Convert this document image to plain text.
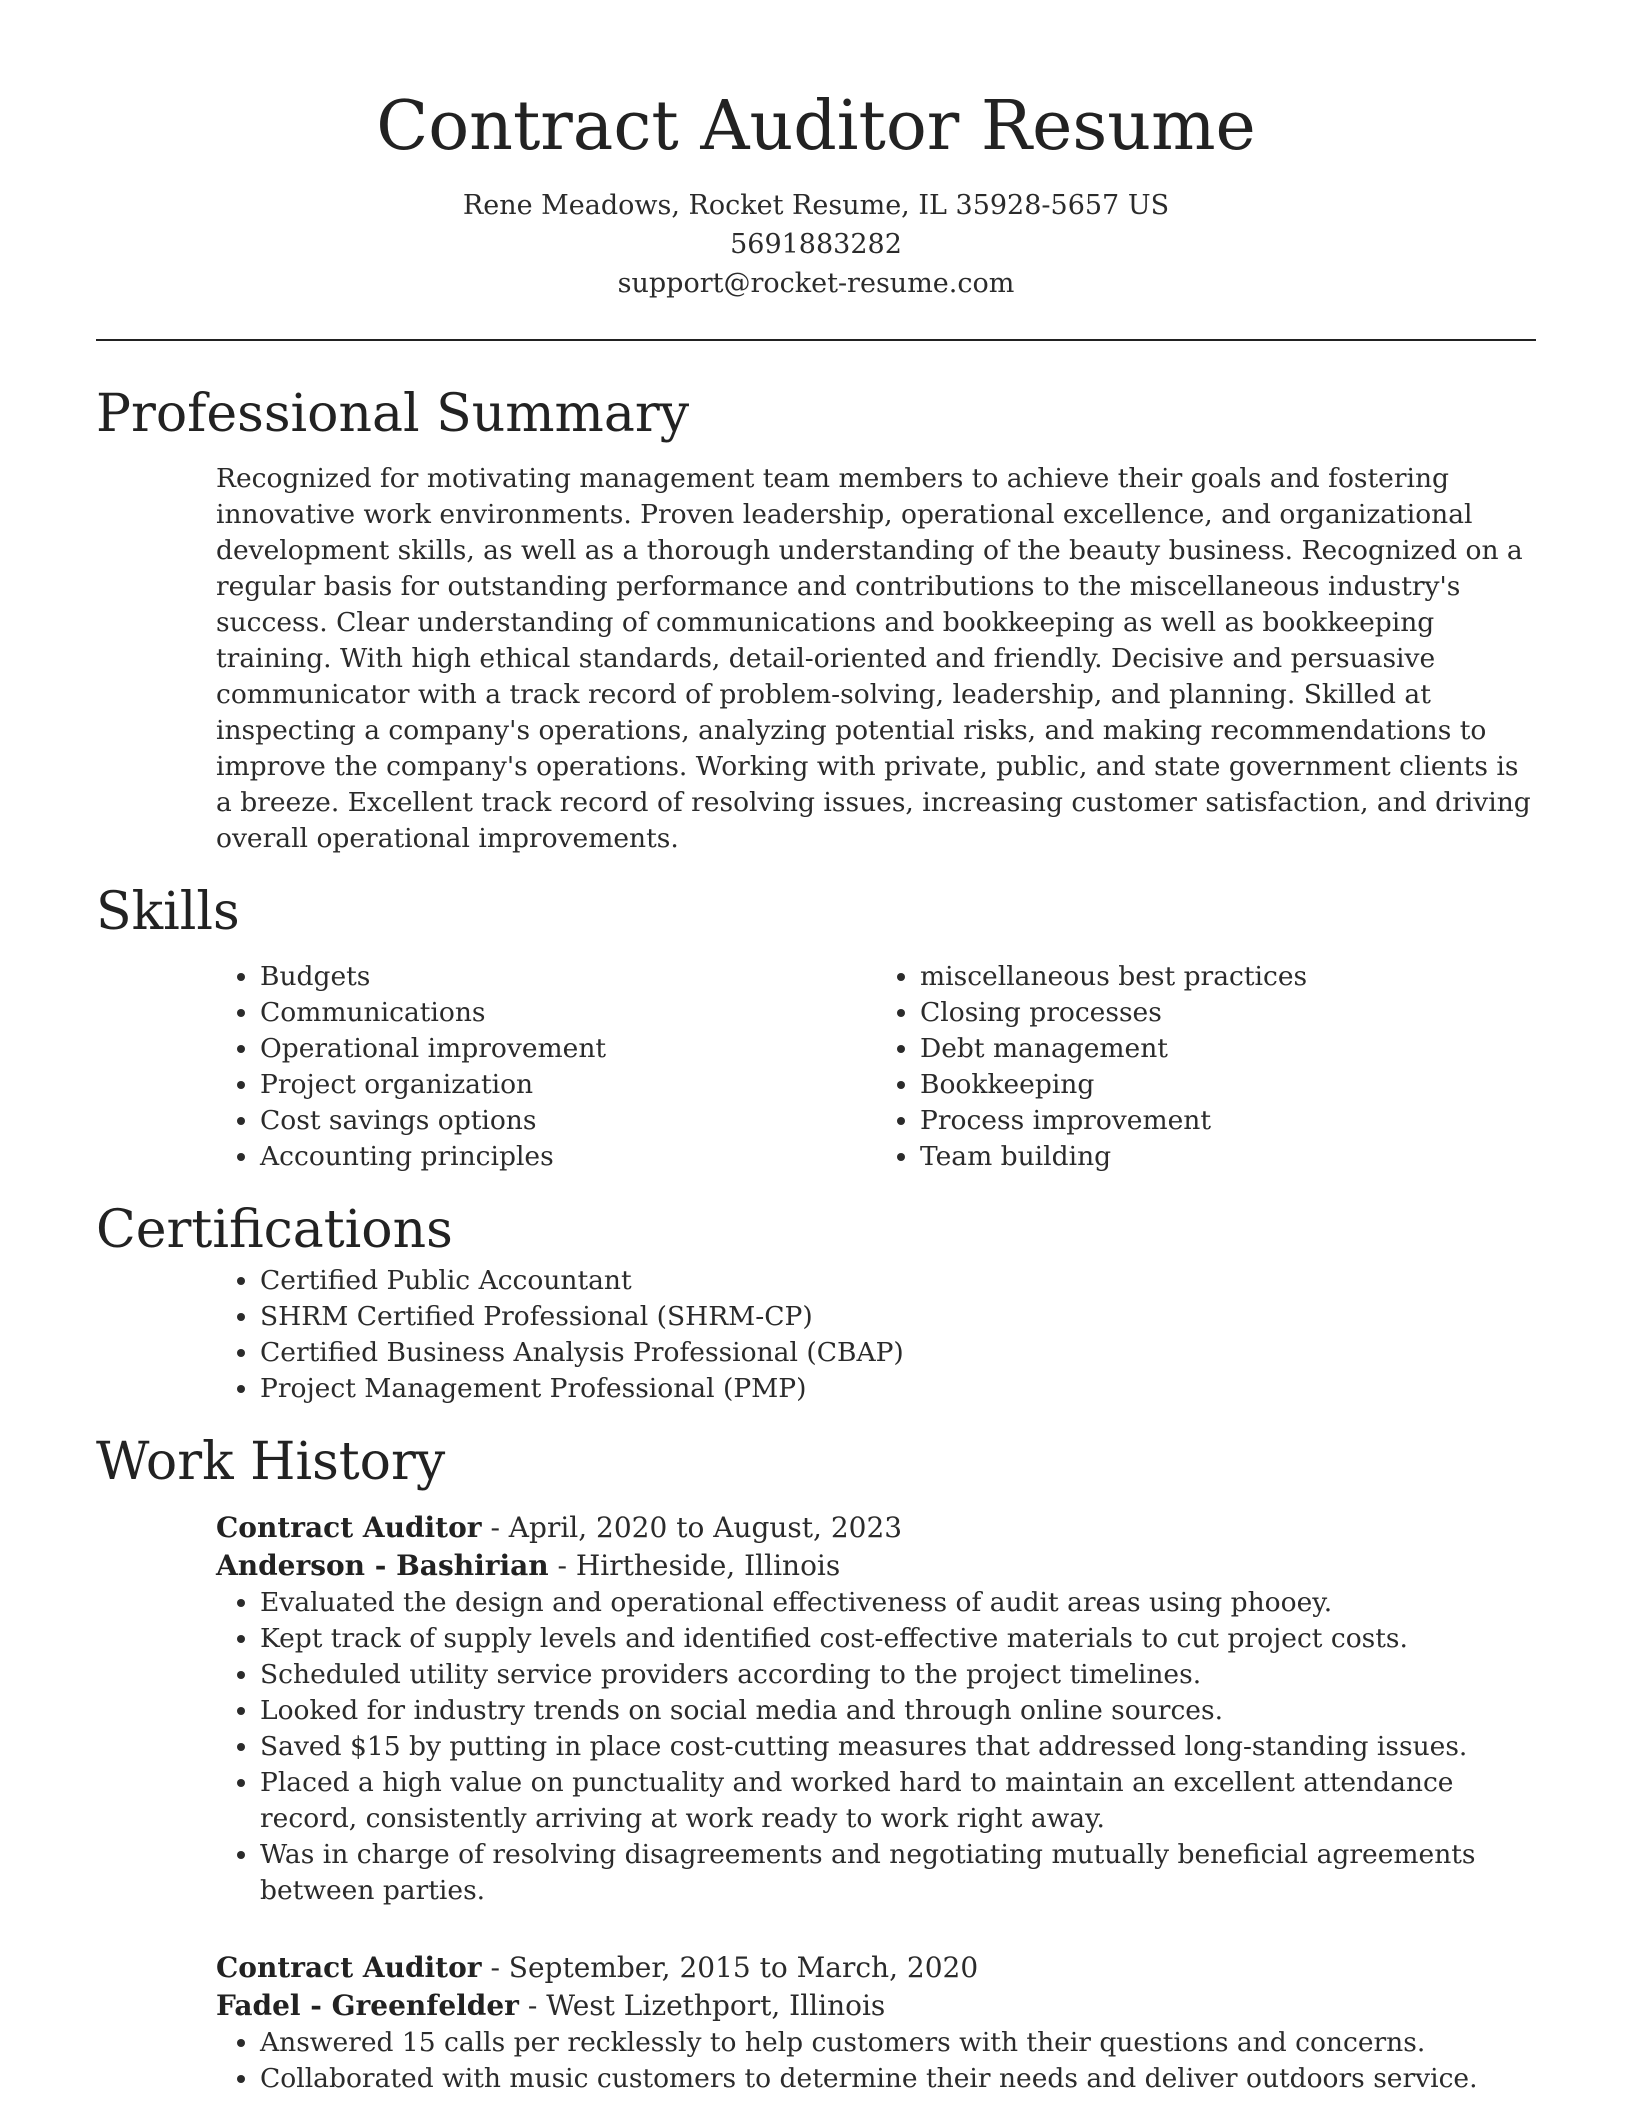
Contract Auditor Resume
Rene Meadows, Rocket Resume, IL 35928-5657 US
5691883282
support@rocket-resume.com
Professional Summary

Recognized for motivating management team members to achieve their goals and fostering innovative work environments. Proven leadership, operational excellence, and organizational development skills, as well as a thorough understanding of the beauty business. Recognized on a regular basis for outstanding performance and contributions to the miscellaneous industry's success. Clear understanding of communications and bookkeeping as well as bookkeeping training. With high ethical standards, detail-oriented and friendly. Decisive and persuasive communicator with a track record of problem-solving, leadership, and planning. Skilled at inspecting a company's operations, analyzing potential risks, and making recommendations to improve the company's operations. Working with private, public, and state government clients is a breeze. Excellent track record of resolving issues, increasing customer satisfaction, and driving overall operational improvements.

Skills
• Budgets
• Communications
• Operational improvement
• Project organization
• Cost savings options
• Accounting principles
• miscellaneous best practices
• Closing processes
• Debt management
• Bookkeeping
• Process improvement
• Team building
Certifications
• Certified Public Accountant
• SHRM Certified Professional (SHRM-CP)
• Certified Business Analysis Professional (CBAP)
• Project Management Professional (PMP)
Work History
Contract Auditor - April, 2020 to August, 2023
Anderson - Bashirian - Hirtheside, Illinois
• Evaluated the design and operational effectiveness of audit areas using phooey.
• Kept track of supply levels and identified cost-effective materials to cut project costs.
• Scheduled utility service providers according to the project timelines.
• Looked for industry trends on social media and through online sources.
• Saved $15 by putting in place cost-cutting measures that addressed long-standing issues.
• Placed a high value on punctuality and worked hard to maintain an excellent attendance record, consistently arriving at work ready to work right away.
• Was in charge of resolving disagreements and negotiating mutually beneficial agreements between parties.
Contract Auditor - September, 2015 to March, 2020
Fadel - Greenfelder - West Lizethport, Illinois
• Answered 15 calls per recklessly to help customers with their questions and concerns.
• Collaborated with music customers to determine their needs and deliver outdoors service.
